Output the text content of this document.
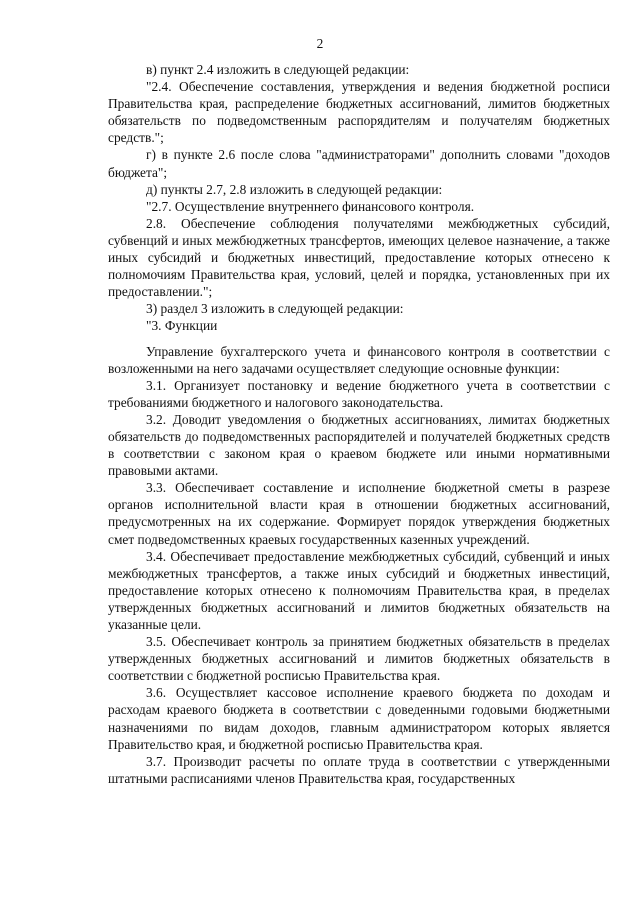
2

в) пункт 2.4 изложить в следующей редакции:

"2.4. Обеспечение составления, утверждения и ведения бюджетной росписи Правительства края, распределение бюджетных ассигнований, лимитов бюджетных обязательств по подведомственным распорядителям и получателям бюджетных средств.";

г) в пункте 2.6 после слова "администраторами" дополнить словами "доходов бюджета";

д) пункты 2.7, 2.8 изложить в следующей редакции:

"2.7. Осуществление внутреннего финансового контроля.

2.8. Обеспечение соблюдения получателями межбюджетных субсидий, субвенций и иных межбюджетных трансфертов, имеющих целевое назначение, а также иных субсидий и бюджетных инвестиций, предоставление которых отнесено к полномочиям Правительства края, условий, целей и порядка, установленных при их предоставлении.";

3) раздел 3 изложить в следующей редакции:

"3. Функции

Управление бухгалтерского учета и финансового контроля в соответствии с возложенными на него задачами осуществляет следующие основные функции:

3.1. Организует постановку и ведение бюджетного учета в соответствии с требованиями бюджетного и налогового законодательства.

3.2. Доводит уведомления о бюджетных ассигнованиях, лимитах бюджетных обязательств до подведомственных распорядителей и получателей бюджетных средств в соответствии с законом края о краевом бюджете или иными нормативными правовыми актами.

3.3. Обеспечивает составление и исполнение бюджетной сметы в разрезе органов исполнительной власти края в отношении бюджетных ассигнований, предусмотренных на их содержание. Формирует порядок утверждения бюджетных смет подведомственных краевых государственных казенных учреждений.

3.4. Обеспечивает предоставление межбюджетных субсидий, субвенций и иных межбюджетных трансфертов, а также иных субсидий и бюджетных инвестиций, предоставление которых отнесено к полномочиям Правительства края, в пределах утвержденных бюджетных ассигнований и лимитов бюджетных обязательств на указанные цели.

3.5. Обеспечивает контроль за принятием бюджетных обязательств в пределах утвержденных бюджетных ассигнований и лимитов бюджетных обязательств в соответствии с бюджетной росписью Правительства края.

3.6. Осуществляет кассовое исполнение краевого бюджета по доходам и расходам краевого бюджета в соответствии с доведенными годовыми бюджетными назначениями по видам доходов, главным администратором которых является Правительство края, и бюджетной росписью Правительства края.

3.7. Производит расчеты по оплате труда в соответствии с утвержденными штатными расписаниями членов Правительства края, государственных
